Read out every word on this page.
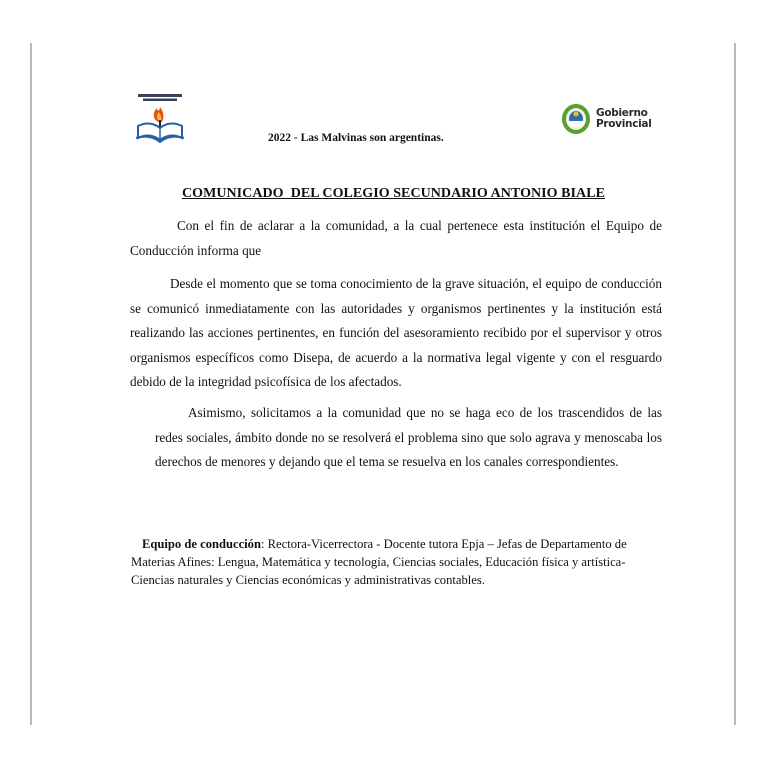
Gobierno
Provincial
2022 - Las Malvinas son argentinas.
COMUNICADO  DEL COLEGIO SECUNDARIO ANTONIO BIALE
Con el fin de aclarar a la comunidad, a la cual pertenece esta institución el Equipo de Conducción informa que
Desde el momento que se toma conocimiento de la grave situación, el equipo de conducción se comunicó inmediatamente con las autoridades y organismos pertinentes y la institución está realizando las acciones pertinentes, en función del asesoramiento recibido por el supervisor y otros organismos específicos como Disepa, de acuerdo a la normativa legal vigente y con el resguardo debido de la integridad psicofísica de los afectados.
Asimismo, solicitamos a la comunidad que no se haga eco de los trascendidos de las redes sociales, ámbito donde no se resolverá el problema sino que solo agrava y menoscaba los derechos de menores y dejando que el tema se resuelva en los canales correspondientes.
Equipo de conducción: Rectora-Vicerrectora - Docente tutora Epja – Jefas de Departamento de Materias Afines: Lengua, Matemática y tecnología, Ciencias sociales, Educación física y artística- Ciencias naturales y Ciencias económicas y administrativas contables.
